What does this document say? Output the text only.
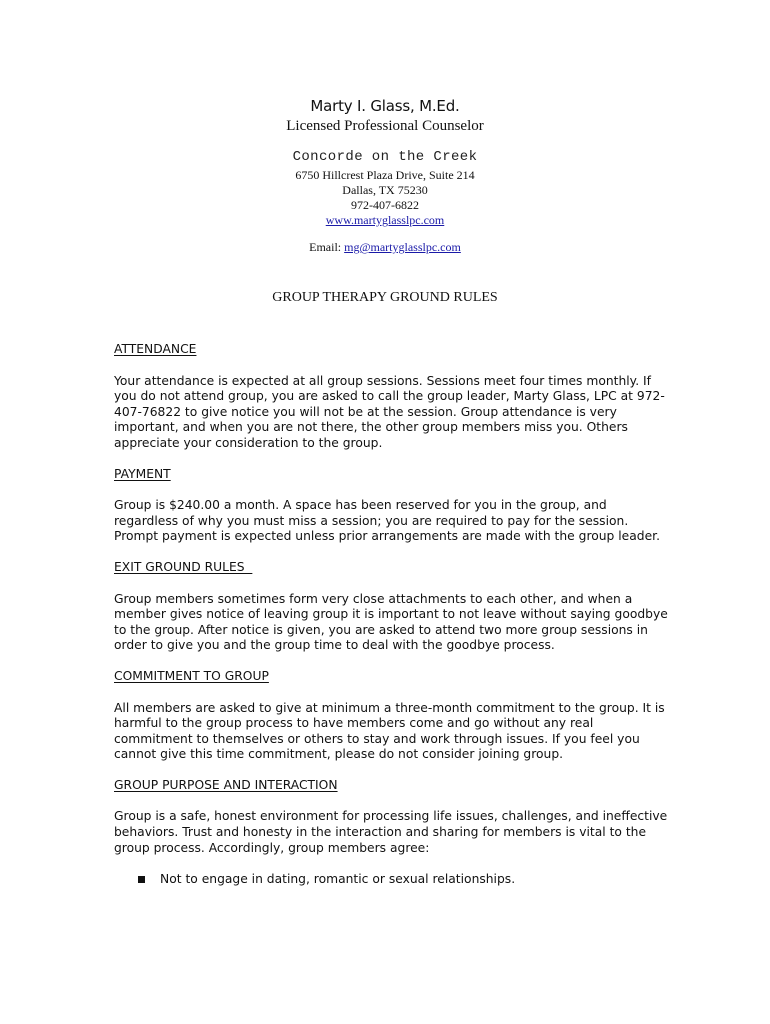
Marty I. Glass, M.Ed.

Licensed Professional Counselor

Concorde on the Creek

6750 Hillcrest Plaza Drive, Suite 214

Dallas, TX 75230

972-407-6822

www.martyglasslpc.com

Email: mg@martyglasslpc.com

GROUP THERAPY GROUND RULES

ATTENDANCE

Your attendance is expected at all group sessions. Sessions meet four times monthly. If you do not attend group, you are asked to call the group leader, Marty Glass, LPC at 972-407-76822 to give notice you will not be at the session. Group attendance is very important, and when you are not there, the other group members miss you. Others appreciate your consideration to the group.

PAYMENT

Group is $240.00 a month. A space has been reserved for you in the group, and regardless of why you must miss a session; you are required to pay for the session. Prompt payment is expected unless prior arrangements are made with the group leader.

EXIT GROUND RULES

Group members sometimes form very close attachments to each other, and when a member gives notice of leaving group it is important to not leave without saying goodbye to the group. After notice is given, you are asked to attend two more group sessions in order to give you and the group time to deal with the goodbye process.

COMMITMENT TO GROUP

All members are asked to give at minimum a three-month commitment to the group. It is harmful to the group process to have members come and go without any real commitment to themselves or others to stay and work through issues. If you feel you cannot give this time commitment, please do not consider joining group.

GROUP PURPOSE AND INTERACTION

Group is a safe, honest environment for processing life issues, challenges, and ineffective behaviors. Trust and honesty in the interaction and sharing for members is vital to the group process. Accordingly, group members agree:

Not to engage in dating, romantic or sexual relationships.
